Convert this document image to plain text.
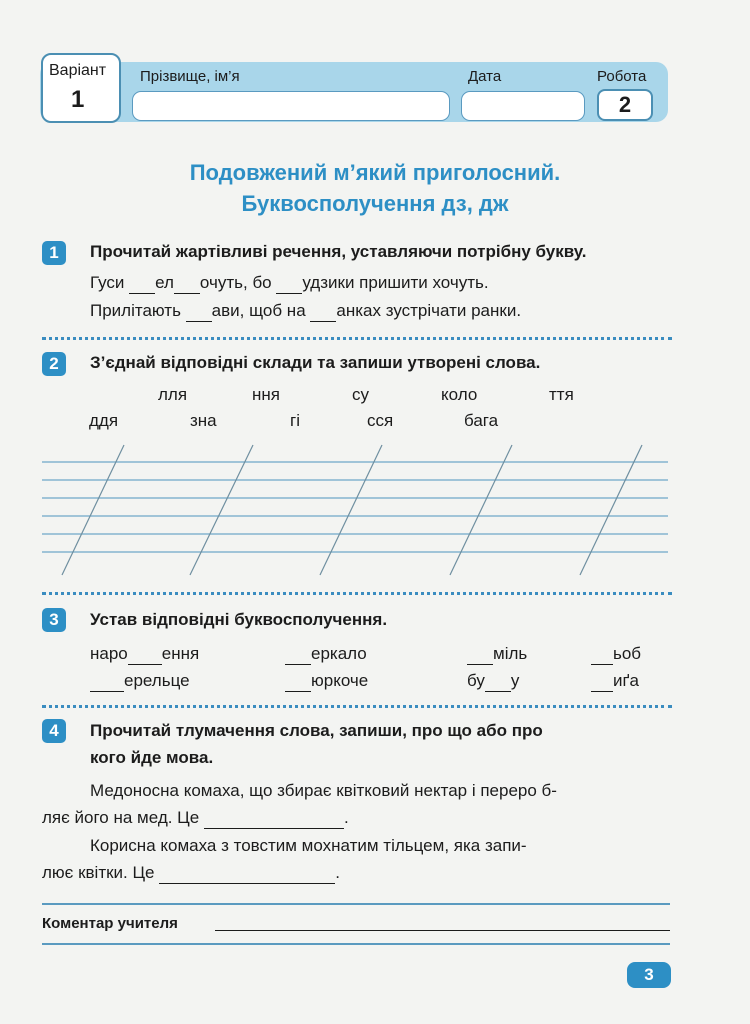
Варіант
1
Прізвище, ім’я	Дата	Робота
2
Подовжений м’який приголосний.
Буквосполучення дз, дж
1	Прочитай жартівливі речення, уставляючи потрібну букву.
Гуси  ел очуть, бо  удзики пришити хочуть.
Прилітають  ави, щоб на  анках зустрічати ранки.
2	З’єднай відповідні склади та запиши утворені слова.
лля	ння	су	коло	ття
ддя	зна	гі	сся	бага
3	Устав відповідні буквосполучення.
наро ення	еркало	міль	ьоб
ерельце	юркоче	бу у	иґа
4	Прочитай тлумачення слова, запиши, про що або про
кого йде мова.
Медоносна комаха, що збирає квітковий нектар і переро б-
ляє його на мед. Це	.
Корисна комаха з товстим мохнатим тільцем, яка запи-
лює квітки. Це	.
Коментар учителя
3
